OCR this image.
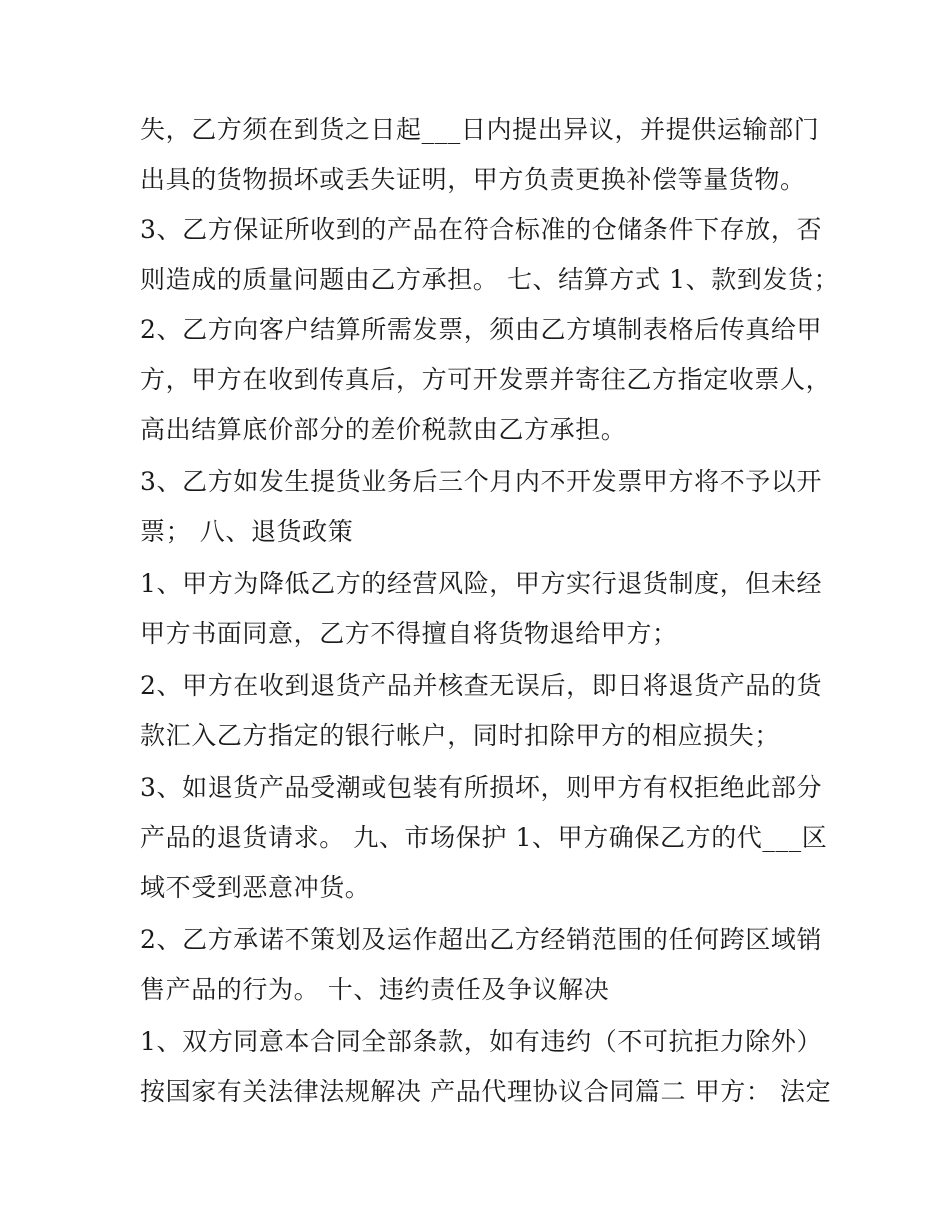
失，乙方须在到货之日起___日内提出异议，并提供运输部门
出具的货物损坏或丢失证明，甲方负责更换补偿等量货物。
3、乙方保证所收到的产品在符合标准的仓储条件下存放，否
则造成的质量问题由乙方承担。 七、结算方式 1、款到发货；
2、乙方向客户结算所需发票，须由乙方填制表格后传真给甲
方，甲方在收到传真后，方可开发票并寄往乙方指定收票人，
高出结算底价部分的差价税款由乙方承担。
3、乙方如发生提货业务后三个月内不开发票甲方将不予以开
票； 八、退货政策
1、甲方为降低乙方的经营风险，甲方实行退货制度，但未经
甲方书面同意，乙方不得擅自将货物退给甲方；
2、甲方在收到退货产品并核查无误后，即日将退货产品的货
款汇入乙方指定的银行帐户，同时扣除甲方的相应损失；
3、如退货产品受潮或包装有所损坏，则甲方有权拒绝此部分
产品的退货请求。 九、市场保护 1、甲方确保乙方的代___区
域不受到恶意冲货。
2、乙方承诺不策划及运作超出乙方经销范围的任何跨区域销
售产品的行为。 十、违约责任及争议解决
1、双方同意本合同全部条款，如有违约（不可抗拒力除外）
按国家有关法律法规解决 产品代理协议合同篇二 甲方： 法定
